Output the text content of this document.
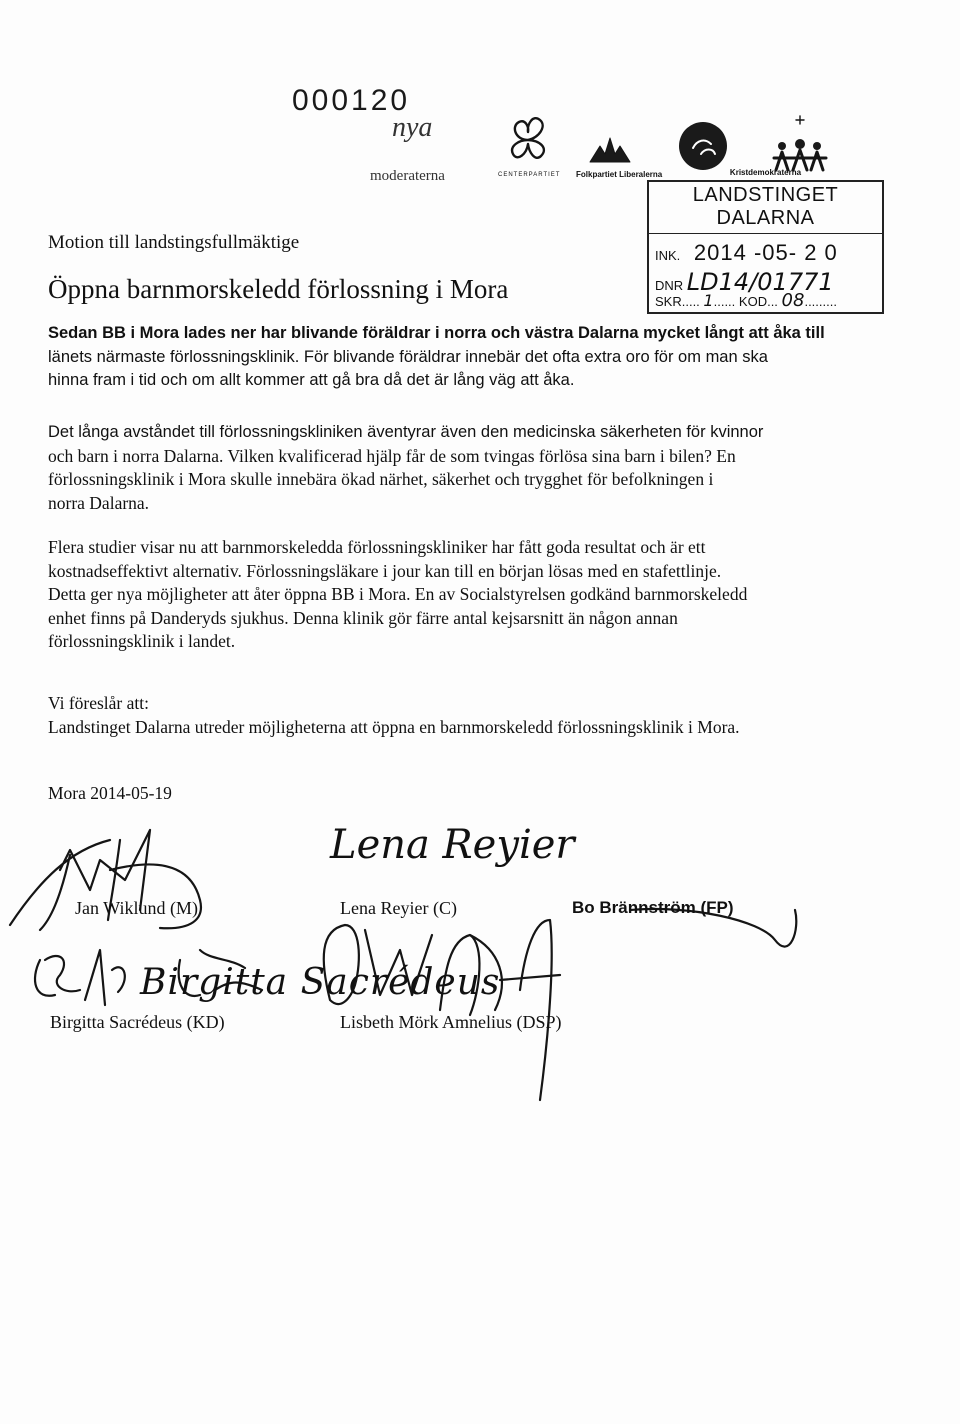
000120
nya
moderaterna	CENTERPARTIET Folkpartiet Liberalerna	Kristdemokraterna
LANDSTINGET DALARNA
INK. 2014 -05- 2 0
DNR LD14/01771
SKR..... 1...... KOD... 08.........
Motion till landstingsfullmäktige
Öppna barnmorskeledd förlossning i Mora
Sedan BB i Mora lades ner har blivande föräldrar i norra och västra Dalarna mycket långt att åka till
länets närmaste förlossningsklinik. För blivande föräldrar innebär det ofta extra oro för om man ska
hinna fram i tid och om allt kommer att gå bra då det är lång väg att åka.
Det långa avståndet till förlossningskliniken äventyrar även den medicinska säkerheten för kvinnor
och barn i norra Dalarna. Vilken kvalificerad hjälp får de som tvingas förlösa sina barn i bilen? En
förlossningsklinik i Mora skulle innebära ökad närhet, säkerhet och trygghet för befolkningen i
norra Dalarna.
Flera studier visar nu att barnmorskeledda förlossningskliniker har fått goda resultat och är ett
kostnadseffektivt alternativ. Förlossningsläkare i jour kan till en början lösas med en stafettlinje.
Detta ger nya möjligheter att åter öppna BB i Mora. En av Socialstyrelsen godkänd barnmorskeledd
enhet finns på Danderyds sjukhus. Denna klinik gör färre antal kejsarsnitt än någon annan
förlossningsklinik i landet.
Vi föreslår att:
Landstinget Dalarna utreder möjligheterna att öppna en barnmorskeledd förlossningsklinik i Mora.
Mora 2014-05-19
Lena Reyier
Birgitta Sacrédeus
Jan Wiklund (M)	Lena Reyier (C)	Bo Brännström (FP)
Birgitta Sacrédeus (KD)	Lisbeth Mörk Amnelius (DSP)
